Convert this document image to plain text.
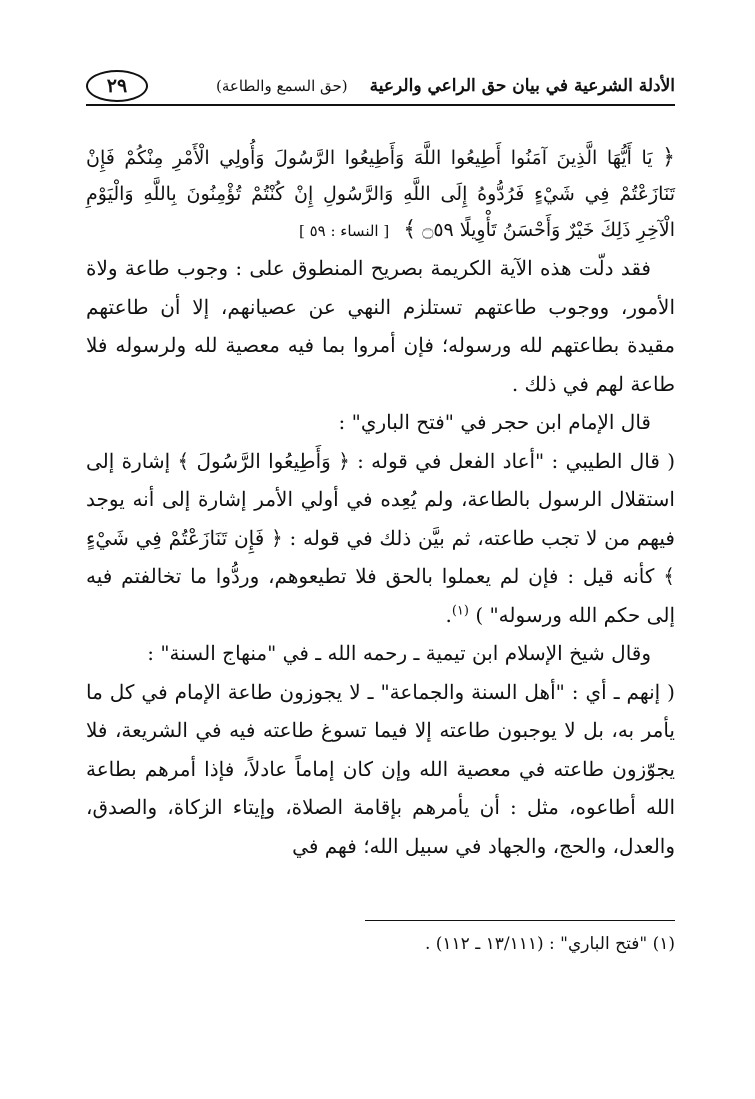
الأدلة الشرعية في بيان حق الراعي والرعية
(حق السمع والطاعة)
٢٩

﴿ يَا أَيُّهَا الَّذِينَ آمَنُوا أَطِيعُوا اللَّهَ وَأَطِيعُوا الرَّسُولَ وَأُولِي الْأَمْرِ مِنْكُمْ فَإِنْ تَنَازَعْتُمْ فِي شَيْءٍ فَرُدُّوهُ إِلَى اللَّهِ وَالرَّسُولِ إِنْ كُنْتُمْ تُؤْمِنُونَ بِاللَّهِ وَالْيَوْمِ الْآخِرِ ذَلِكَ خَيْرٌ وَأَحْسَنُ تَأْوِيلًا ۝٥٩ ﴾ [ النساء : ٥٩ ]

فقد دلّت هذه الآية الكريمة بصريح المنطوق على : وجوب طاعة ولاة الأمور، ووجوب طاعتهم تستلزم النهي عن عصيانهم، إلا أن طاعتهم مقيدة بطاعتهم لله ورسوله؛ فإن أمروا بما فيه معصية لله ولرسوله فلا طاعة لهم في ذلك .

قال الإمام ابن حجر في "فتح الباري" :

( قال الطيبي : "أعاد الفعل في قوله : ﴿ وَأَطِيعُوا الرَّسُولَ ﴾ إشارة إلى استقلال الرسول بالطاعة، ولم يُعِده في أولي الأمر إشارة إلى أنه يوجد فيهم من لا تجب طاعته، ثم بيَّن ذلك في قوله : ﴿ فَإِن تَنَازَعْتُمْ فِي شَيْءٍ ﴾ كأنه قيل : فإن لم يعملوا بالحق فلا تطيعوهم، وردُّوا ما تخالفتم فيه إلى حكم الله ورسوله" ) $^{(١)}$.

وقال شيخ الإسلام ابن تيمية ـ رحمه الله ـ في "منهاج السنة" :

( إنهم ـ أي : "أهل السنة والجماعة" ـ لا يجوزون طاعة الإمام في كل ما يأمر به، بل لا يوجبون طاعته إلا فيما تسوغ طاعته فيه في الشريعة، فلا يجوّزون طاعته في معصية الله وإن كان إماماً عادلاً، فإذا أمرهم بطاعة الله أطاعوه، مثل : أن يأمرهم بإقامة الصلاة، وإيتاء الزكاة، والصدق، والعدل، والحج، والجهاد في سبيل الله؛ فهم في

(١) "فتح الباري" : (١٣/١١١ ـ ١١٢) .
